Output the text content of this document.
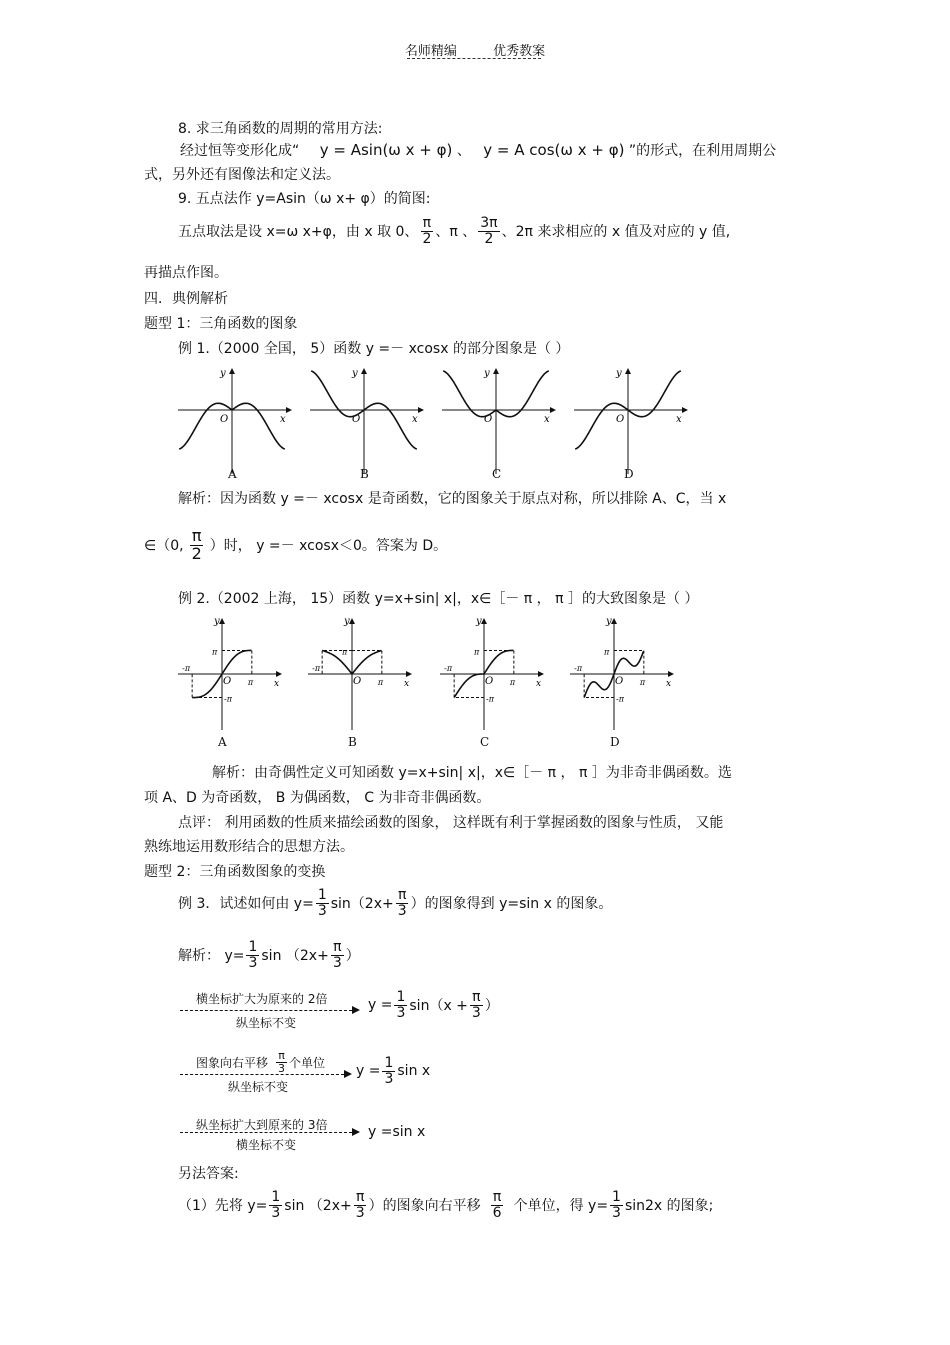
名师精编	优秀教案
8. 求三角函数的周期的常用方法:
经过恒等变形化成“ y = Asin(ω x + φ) 、 y = A cos(ω x + φ) ”的形式，在利用周期公
式，另外还有图像法和定义法。
9. 五点法作 y=Asin（ω x+ φ）的简图:
五点取法是设 x=ω x+φ，由 x 取 0、 $\frac{\pi}{2}$ 、π 、 $\frac{3\pi}{2}$ 、2π 来求相应的 x 值及对应的 y 值,
再描点作图。
四．典例解析
题型 1：三角函数的图象
例 1.（2000 全国， 5）函数 y =－ xcosx 的部分图象是（ ）
y
x
O
A
y
x
O
B
y
x
O
C
y
x
O
D
解析：因为函数 y =－ xcosx 是奇函数，它的图象关于原点对称，所以排除 A、C，当 x
∈（0, $\frac{\pi}{2}$ ）时， y =－ xcosx＜0。答案为 D。
例 2.（2002 上海， 15）函数 y=x+sin| x|，x∈［－ π ， π ］的大致图象是（ ）
y
x
O π
-π
π
-π
A
y
x
O π
-π
π
B
y
x
O π
-π
π
-π
C
y
x
O π
-π
π
-π
D
解析：由奇偶性定义可知函数 y=x+sin| x|，x∈［－ π ， π ］为非奇非偶函数。选
项 A、D 为奇函数， B 为偶函数， C 为非奇非偶函数。
点评： 利用函数的性质来描绘函数的图象， 这样既有利于掌握函数的图象与性质， 又能
熟练地运用数形结合的思想方法。
题型 2：三角函数图象的变换
例 3．试述如何由 $y= \frac{1}{3} \sin(2x+ \frac{\pi}{3}$ ）的图象得到 y=sin x 的图象。
解析： $y= \frac{1}{3}$ $\sin (2x+ \frac{\pi}{3}$ ）
横坐标扩大为原来的 2倍
纵坐标不变
$y = \frac{1}{3} \sin(x + \frac{\pi}{3}$ ）
图象向右平移 $\frac{\pi}{3}$ 个单位
纵坐标不变
$y = \frac{1}{3}$ sin x
纵坐标扩大到原来的 3倍
横坐标不变
y =sin x
另法答案:
（1）先将 $y= \frac{1}{3}$ $\sin (2x+ \frac{\pi}{3}$ ）的图象向右平移 $\frac{\pi}{6}$ 个单位，得 $y= \frac{1}{3} \sin 2x$ 的图象;
